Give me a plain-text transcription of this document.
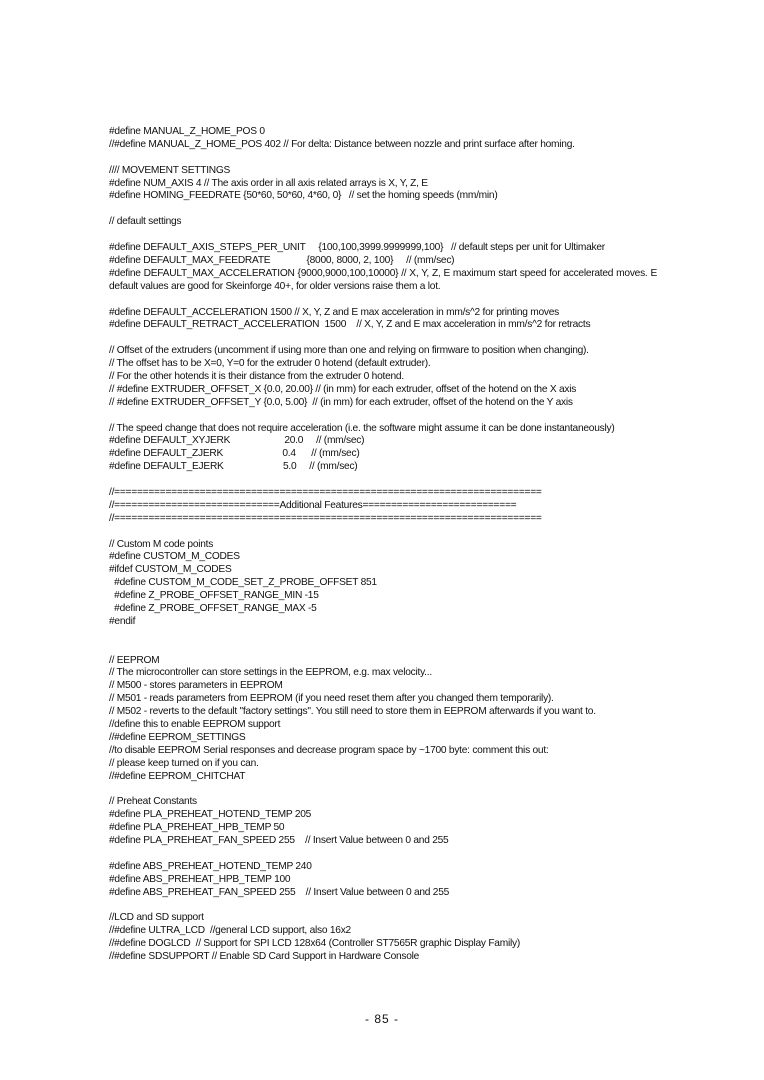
#define MANUAL_Z_HOME_POS 0
//#define MANUAL_Z_HOME_POS 402 // For delta: Distance between nozzle and print surface after homing.
//// MOVEMENT SETTINGS
#define NUM_AXIS 4 // The axis order in all axis related arrays is X, Y, Z, E
#define HOMING_FEEDRATE {50*60, 50*60, 4*60, 0}   // set the homing speeds (mm/min)
// default settings
#define DEFAULT_AXIS_STEPS_PER_UNIT     {100,100,3999.9999999,100}   // default steps per unit for Ultimaker
#define DEFAULT_MAX_FEEDRATE              {8000, 8000, 2, 100}     // (mm/sec)
#define DEFAULT_MAX_ACCELERATION {9000,9000,100,10000} // X, Y, Z, E maximum start speed for accelerated moves. E default values are good for Skeinforge 40+, for older versions raise them a lot.
#define DEFAULT_ACCELERATION 1500 // X, Y, Z and E max acceleration in mm/s^2 for printing moves
#define DEFAULT_RETRACT_ACCELERATION  1500    // X, Y, Z and E max acceleration in mm/s^2 for retracts
// Offset of the extruders (uncomment if using more than one and relying on firmware to position when changing).
// The offset has to be X=0, Y=0 for the extruder 0 hotend (default extruder).
// For the other hotends it is their distance from the extruder 0 hotend.
// #define EXTRUDER_OFFSET_X {0.0, 20.00} // (in mm) for each extruder, offset of the hotend on the X axis
// #define EXTRUDER_OFFSET_Y {0.0, 5.00}  // (in mm) for each extruder, offset of the hotend on the Y axis
// The speed change that does not require acceleration (i.e. the software might assume it can be done instantaneously)
#define DEFAULT_XYJERK                     20.0     // (mm/sec)
#define DEFAULT_ZJERK                       0.4      // (mm/sec)
#define DEFAULT_EJERK                       5.0     // (mm/sec)
//===========================================================================
//=============================Additional Features===========================
//===========================================================================
// Custom M code points
#define CUSTOM_M_CODES
#ifdef CUSTOM_M_CODES
#define CUSTOM_M_CODE_SET_Z_PROBE_OFFSET 851
#define Z_PROBE_OFFSET_RANGE_MIN -15
#define Z_PROBE_OFFSET_RANGE_MAX -5
#endif
// EEPROM
// The microcontroller can store settings in the EEPROM, e.g. max velocity...
// M500 - stores parameters in EEPROM
// M501 - reads parameters from EEPROM (if you need reset them after you changed them temporarily).
// M502 - reverts to the default "factory settings". You still need to store them in EEPROM afterwards if you want to.
//define this to enable EEPROM support
//#define EEPROM_SETTINGS
//to disable EEPROM Serial responses and decrease program space by ~1700 byte: comment this out:
// please keep turned on if you can.
//#define EEPROM_CHITCHAT
// Preheat Constants
#define PLA_PREHEAT_HOTEND_TEMP 205
#define PLA_PREHEAT_HPB_TEMP 50
#define PLA_PREHEAT_FAN_SPEED 255    // Insert Value between 0 and 255
#define ABS_PREHEAT_HOTEND_TEMP 240
#define ABS_PREHEAT_HPB_TEMP 100
#define ABS_PREHEAT_FAN_SPEED 255    // Insert Value between 0 and 255
//LCD and SD support
//#define ULTRA_LCD  //general LCD support, also 16x2
//#define DOGLCD  // Support for SPI LCD 128x64 (Controller ST7565R graphic Display Family)
//#define SDSUPPORT // Enable SD Card Support in Hardware Console
- 85 -
